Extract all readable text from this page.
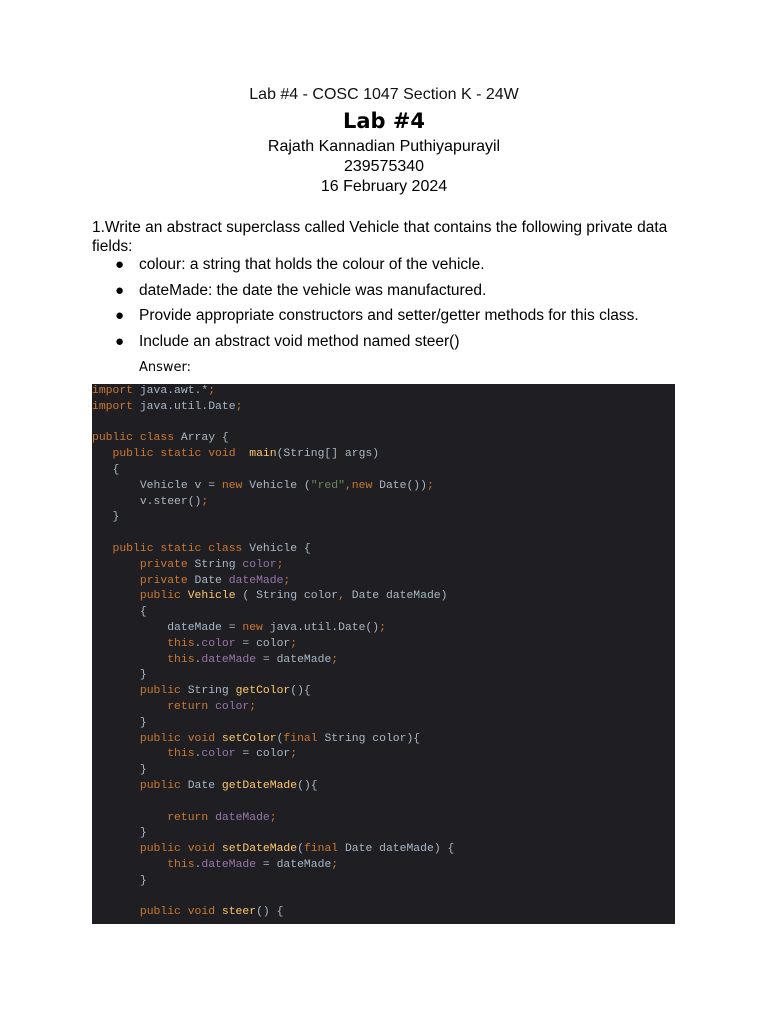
Lab #4 - COSC 1047 Section K - 24W
Lab #4
Rajath Kannadian Puthiyapurayil
239575340
16 February 2024
1.Write an abstract superclass called Vehicle that contains the following private data fields:
● colour: a string that holds the colour of the vehicle.
● dateMade: the date the vehicle was manufactured.
● Provide appropriate constructors and setter/getter methods for this class.
● Include an abstract void method named steer()
Answer:
import java.awt.*;
import java.util.Date;
public class Array {
public static void  main(String[] args)
{
Vehicle v = new Vehicle ("red",new Date());
v.steer();
}
public static class Vehicle {
private String color;
private Date dateMade;
public Vehicle ( String color, Date dateMade)
{
dateMade = new java.util.Date();
this.color = color;
this.dateMade = dateMade;
}
public String getColor(){
return color;
}
public void setColor(final String color){
this.color = color;
}
public Date getDateMade(){
return dateMade;
}
public void setDateMade(final Date dateMade) {
this.dateMade = dateMade;
}
public void steer() {
